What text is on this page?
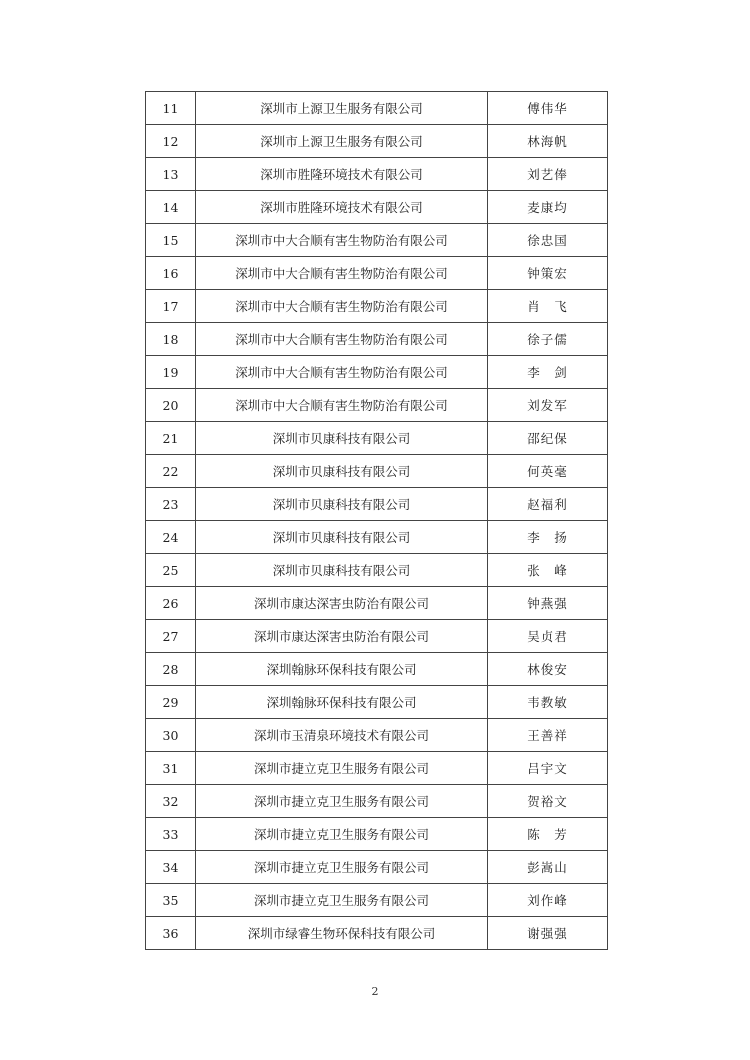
11	深圳市上源卫生服务有限公司	傅伟华
12	深圳市上源卫生服务有限公司	林海帆
13	深圳市胜隆环境技术有限公司	刘艺俸
14	深圳市胜隆环境技术有限公司	麦康均
15	深圳市中大合顺有害生物防治有限公司	徐忠国
16	深圳市中大合顺有害生物防治有限公司	钟策宏
17	深圳市中大合顺有害生物防治有限公司	肖　飞
18	深圳市中大合顺有害生物防治有限公司	徐子儒
19	深圳市中大合顺有害生物防治有限公司	李　剑
20	深圳市中大合顺有害生物防治有限公司	刘发军
21	深圳市贝康科技有限公司	邵纪保
22	深圳市贝康科技有限公司	何英毫
23	深圳市贝康科技有限公司	赵福利
24	深圳市贝康科技有限公司	李　扬
25	深圳市贝康科技有限公司	张　峰
26	深圳市康达深害虫防治有限公司	钟燕强
27	深圳市康达深害虫防治有限公司	吴贞君
28	深圳翰脉环保科技有限公司	林俊安
29	深圳翰脉环保科技有限公司	韦教敏
30	深圳市玉清泉环境技术有限公司	王善祥
31	深圳市捷立克卫生服务有限公司	吕宇文
32	深圳市捷立克卫生服务有限公司	贺裕文
33	深圳市捷立克卫生服务有限公司	陈　芳
34	深圳市捷立克卫生服务有限公司	彭嵩山
35	深圳市捷立克卫生服务有限公司	刘作峰
36	深圳市绿睿生物环保科技有限公司	谢强强
2
